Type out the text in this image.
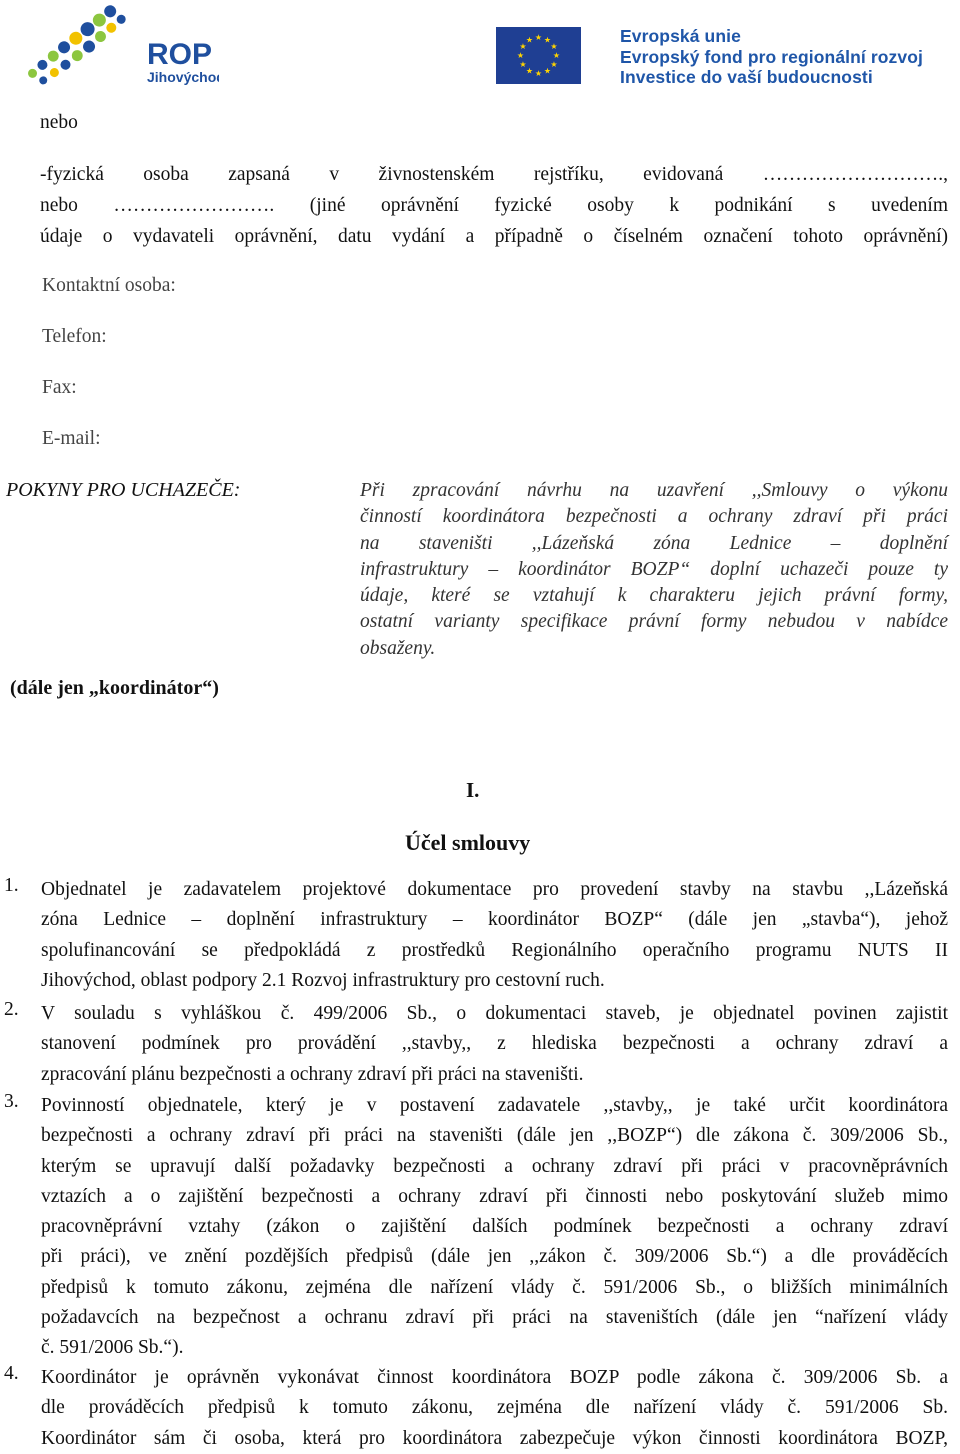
ROP
Jihovýchod
★ ★
★
★
★
★
★
★
★
★
★
★	Evropská unie
Evropský fond pro regionální rozvoj
Investice do vaší budoucnosti
nebo
-fyzická osoba zapsaná v živnostenském rejstříku, evidovaná ……………………….,
nebo ……………………. (jiné oprávnění fyzické osoby k podnikání s uvedením
údaje o vydavateli oprávnění, datu vydání a případně o číselném označení tohoto oprávnění)
Kontaktní osoba:
Telefon:
Fax:
E-mail:
POKYNY PRO UCHAZEČE:	Při zpracování návrhu na uzavření ,,Smlouvy o výkonu
činností koordinátora bezpečnosti a ochrany zdraví při práci
na staveništi ,,Lázeňská zóna Lednice – doplnění
infrastruktury – koordinátor BOZP“ doplní uchazeči pouze ty
údaje, které se vztahují k charakteru jejich právní formy,
ostatní varianty specifikace právní formy nebudou v nabídce
obsaženy.
(dále jen „koordinátor“)
I.
Účel smlouvy
1. Objednatel je zadavatelem projektové dokumentace pro provedení stavby na stavbu ,,Lázeňská
zóna Lednice – doplnění infrastruktury – koordinátor BOZP“ (dále jen „stavba“), jehož
spolufinancování se předpokládá z prostředků Regionálního operačního programu NUTS II
Jihovýchod, oblast podpory 2.1 Rozvoj infrastruktury pro cestovní ruch.
2. V souladu s vyhláškou č. 499/2006 Sb., o dokumentaci staveb, je objednatel povinen zajistit
stanovení podmínek pro provádění ,,stavby,, z hlediska bezpečnosti a ochrany zdraví a
zpracování plánu bezpečnosti a ochrany zdraví při práci na staveništi.
3. Povinností objednatele, který je v postavení zadavatele ,,stavby,, je také určit koordinátora
bezpečnosti a ochrany zdraví při práci na staveništi (dále jen ,,BOZP“) dle zákona č. 309/2006 Sb.,
kterým se upravují další požadavky bezpečnosti a ochrany zdraví při práci v pracovněprávních
vztazích a o zajištění bezpečnosti a ochrany zdraví při činnosti nebo poskytování služeb mimo
pracovněprávní vztahy (zákon o zajištění dalších podmínek bezpečnosti a ochrany zdraví
při práci), ve znění pozdějších předpisů (dále jen ,,zákon č. 309/2006 Sb.“) a dle prováděcích
předpisů k tomuto zákonu, zejména dle nařízení vlády č. 591/2006 Sb., o bližších minimálních
požadavcích na bezpečnost a ochranu zdraví při práci na staveništích (dále jen “nařízení vlády
č. 591/2006 Sb.“).
4. Koordinátor je oprávněn vykonávat činnost koordinátora BOZP podle zákona č. 309/2006 Sb. a
dle prováděcích předpisů k tomuto zákonu, zejména dle nařízení vlády č. 591/2006 Sb.
Koordinátor sám či osoba, která pro koordinátora zabezpečuje výkon činnosti koordinátora BOZP,
